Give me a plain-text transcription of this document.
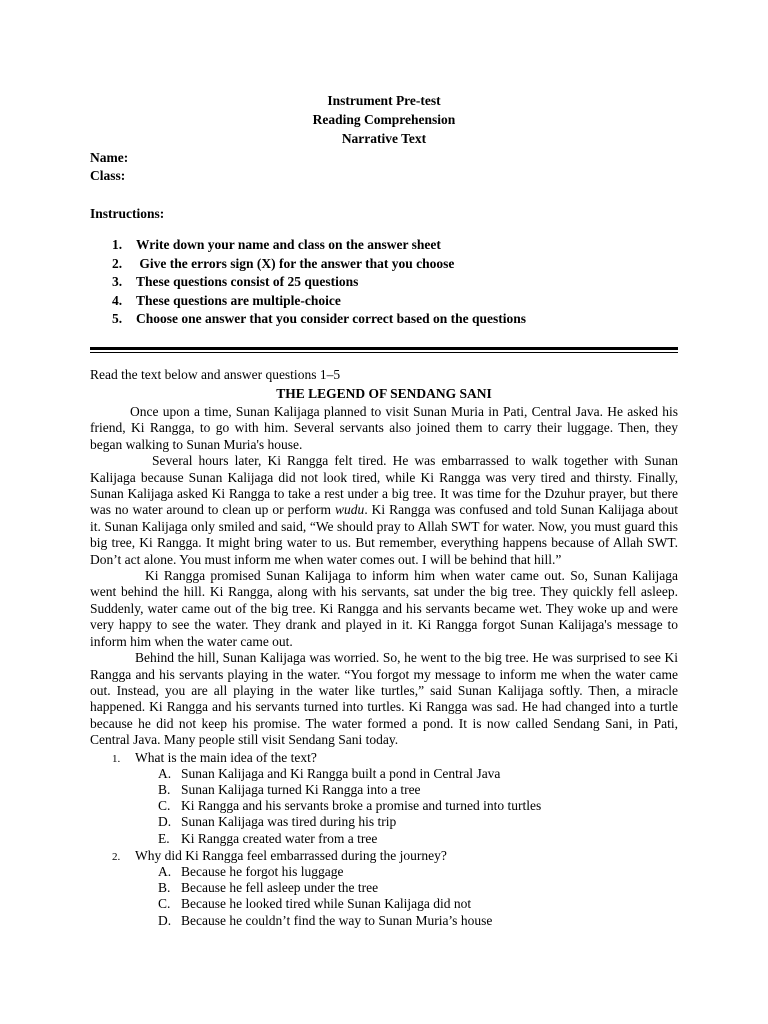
Instrument Pre-test
Reading Comprehension
Narrative Text
Name:
Class:
Instructions:
1. Write down your name and class on the answer sheet
2. Give the errors sign (X) for the answer that you choose
3. These questions consist of 25 questions
4. These questions are multiple-choice
5. Choose one answer that you consider correct based on the questions
Read the text below and answer questions 1–5
THE LEGEND OF SENDANG SANI

Once upon a time, Sunan Kalijaga planned to visit Sunan Muria in Pati, Central Java. He asked his friend, Ki Rangga, to go with him. Several servants also joined them to carry their luggage. Then, they began walking to Sunan Muria's house.

Several hours later, Ki Rangga felt tired. He was embarrassed to walk together with Sunan Kalijaga because Sunan Kalijaga did not look tired, while Ki Rangga was very tired and thirsty. Finally, Sunan Kalijaga asked Ki Rangga to take a rest under a big tree. It was time for the Dzuhur prayer, but there was no water around to clean up or perform wudu. Ki Rangga was confused and told Sunan Kalijaga about it. Sunan Kalijaga only smiled and said, “We should pray to Allah SWT for water. Now, you must guard this big tree, Ki Rangga. It might bring water to us. But remember, everything happens because of Allah SWT. Don’t act alone. You must inform me when water comes out. I will be behind that hill.”

Ki Rangga promised Sunan Kalijaga to inform him when water came out. So, Sunan Kalijaga went behind the hill. Ki Rangga, along with his servants, sat under the big tree. They quickly fell asleep. Suddenly, water came out of the big tree. Ki Rangga and his servants became wet. They woke up and were very happy to see the water. They drank and played in it. Ki Rangga forgot Sunan Kalijaga's message to inform him when the water came out.

Behind the hill, Sunan Kalijaga was worried. So, he went to the big tree. He was surprised to see Ki Rangga and his servants playing in the water. “You forgot my message to inform me when the water came out. Instead, you are all playing in the water like turtles,” said Sunan Kalijaga softly. Then, a miracle happened. Ki Rangga and his servants turned into turtles. Ki Rangga was sad. He had changed into a turtle because he did not keep his promise. The water formed a pond. It is now called Sendang Sani, in Pati, Central Java. Many people still visit Sendang Sani today.

1. What is the main idea of the text?
A. Sunan Kalijaga and Ki Rangga built a pond in Central Java
B. Sunan Kalijaga turned Ki Rangga into a tree
C. Ki Rangga and his servants broke a promise and turned into turtles
D. Sunan Kalijaga was tired during his trip
E. Ki Rangga created water from a tree
2. Why did Ki Rangga feel embarrassed during the journey?
A. Because he forgot his luggage
B. Because he fell asleep under the tree
C. Because he looked tired while Sunan Kalijaga did not
D. Because he couldn’t find the way to Sunan Muria’s house
